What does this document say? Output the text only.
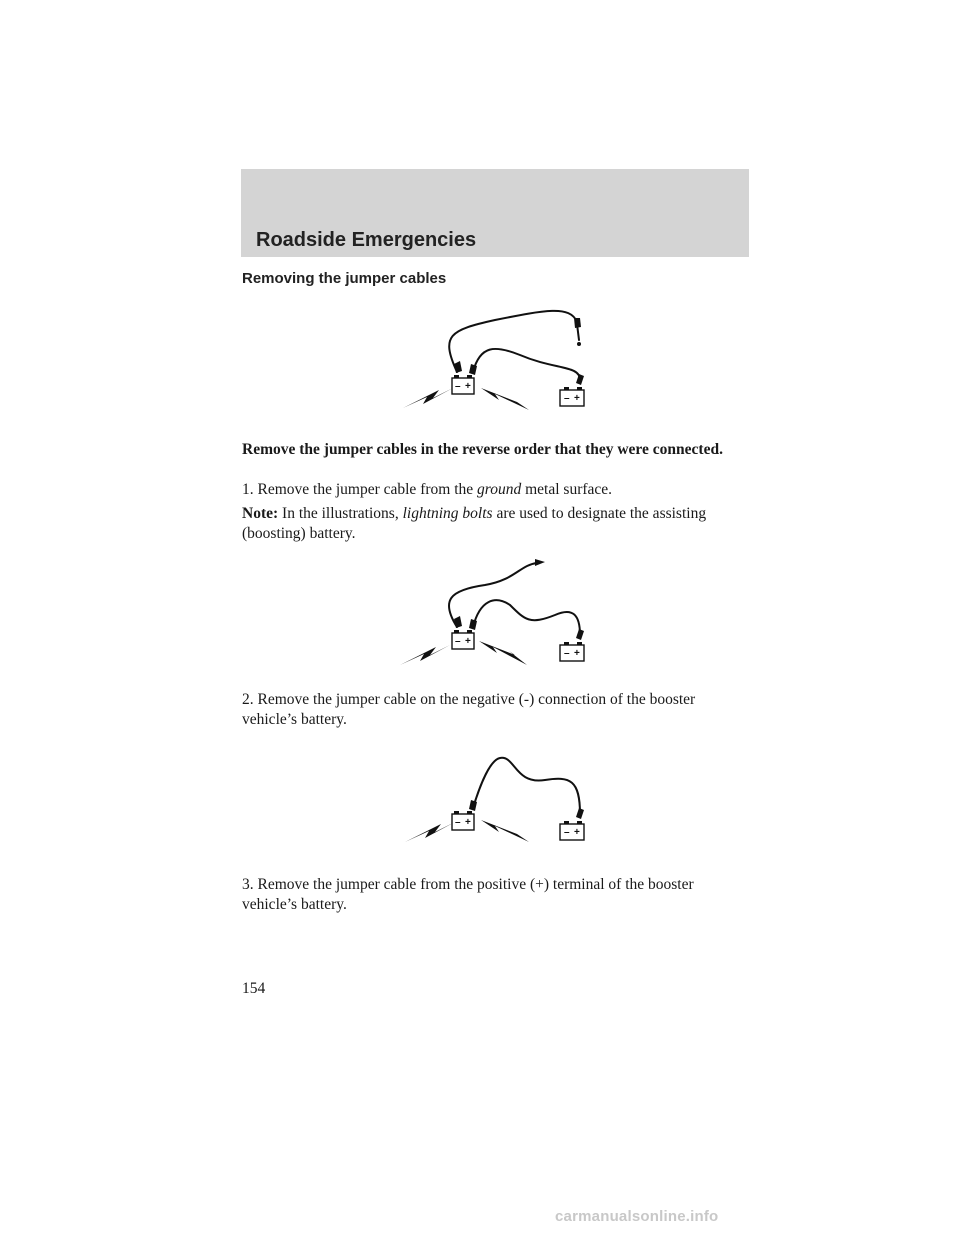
Roadside Emergencies
Removing the jumper cables
– +
– +

Remove the jumper cables in the reverse order that they were connected.

1. Remove the jumper cable from the ground metal surface.

Note: In the illustrations, lightning bolts are used to designate the assisting (boosting) battery.

– +
– +

2. Remove the jumper cable on the negative (-) connection of the booster vehicle’s battery.

– +
– +

3. Remove the jumper cable from the positive (+) terminal of the booster vehicle’s battery.

154
carmanualsonline.info
